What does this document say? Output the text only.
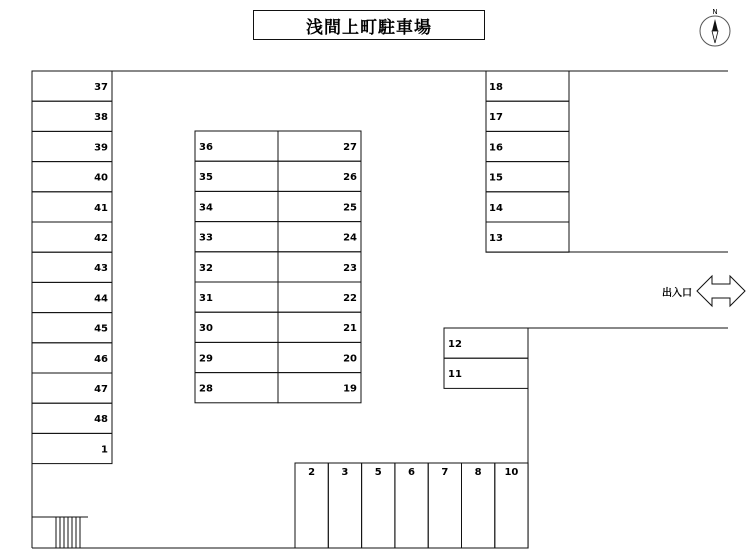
浅間上町駐車場
出入口
37
38
39
40
41
42
43
44
45
46
47
48
1
36
35
34
33
32
31
30
29
28
27
26
25
24
23
22
21
20
19
18
17
16
15
14
13
12
11
2	3	5	6	7	8 10
N
